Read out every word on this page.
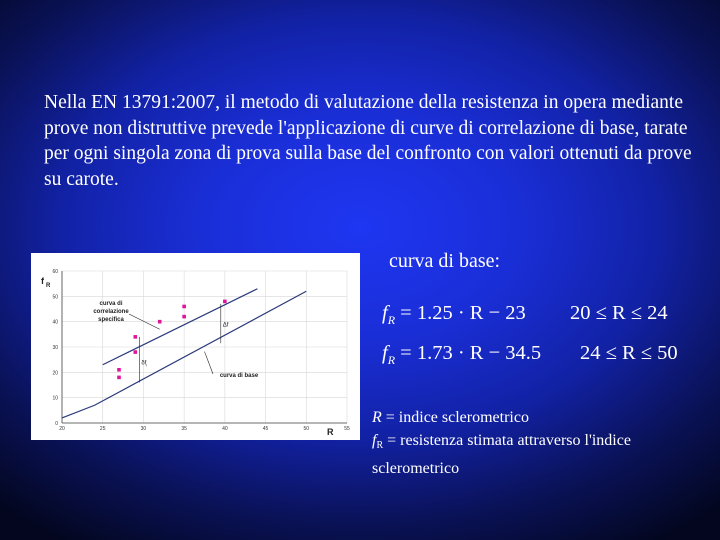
Nella EN 13791:2007, il metodo di valutazione della resistenza in opera mediante prove non distruttive prevede l'applicazione di curve di correlazione di base, tarate per ogni singola zona di prova sulla base del confronto con valori ottenuti da prove su carote.

0
10
20
30
40
50
60
20	25	30	35	40	45	50	55
f R
R
curva di
correlazione
specifica
curva di base
Δf
δf i
curva di base:
$f_R = 1.25 \cdot R - 23$ 20 ≤ R ≤ 24
$f_R = 1.73 \cdot R - 34.5$ 24 ≤ R ≤ 50
R = indice sclerometrico
$f_R$ = resistenza stimata attraverso l'indice sclerometrico
